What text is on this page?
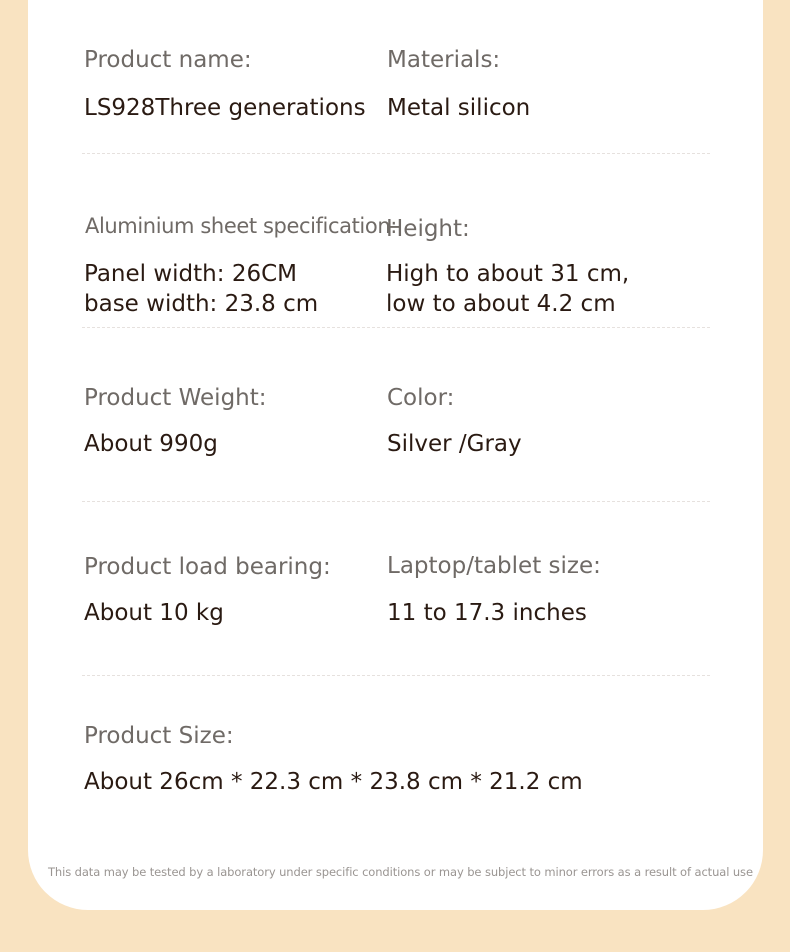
Product name:
LS928Three generations
Materials:
Metal silicon
Aluminium sheet specification:
Panel width: 26CM
base width: 23.8 cm
Height:
High to about 31 cm,
low to about 4.2 cm
Product Weight:
About 990g
Color:
Silver /Gray
Product load bearing:
About 10 kg
Laptop/tablet size:
11 to 17.3 inches
Product Size:
About 26cm * 22.3 cm * 23.8 cm * 21.2 cm
This data may be tested by a laboratory under specific conditions or may be subject to minor errors as a result of actual use
